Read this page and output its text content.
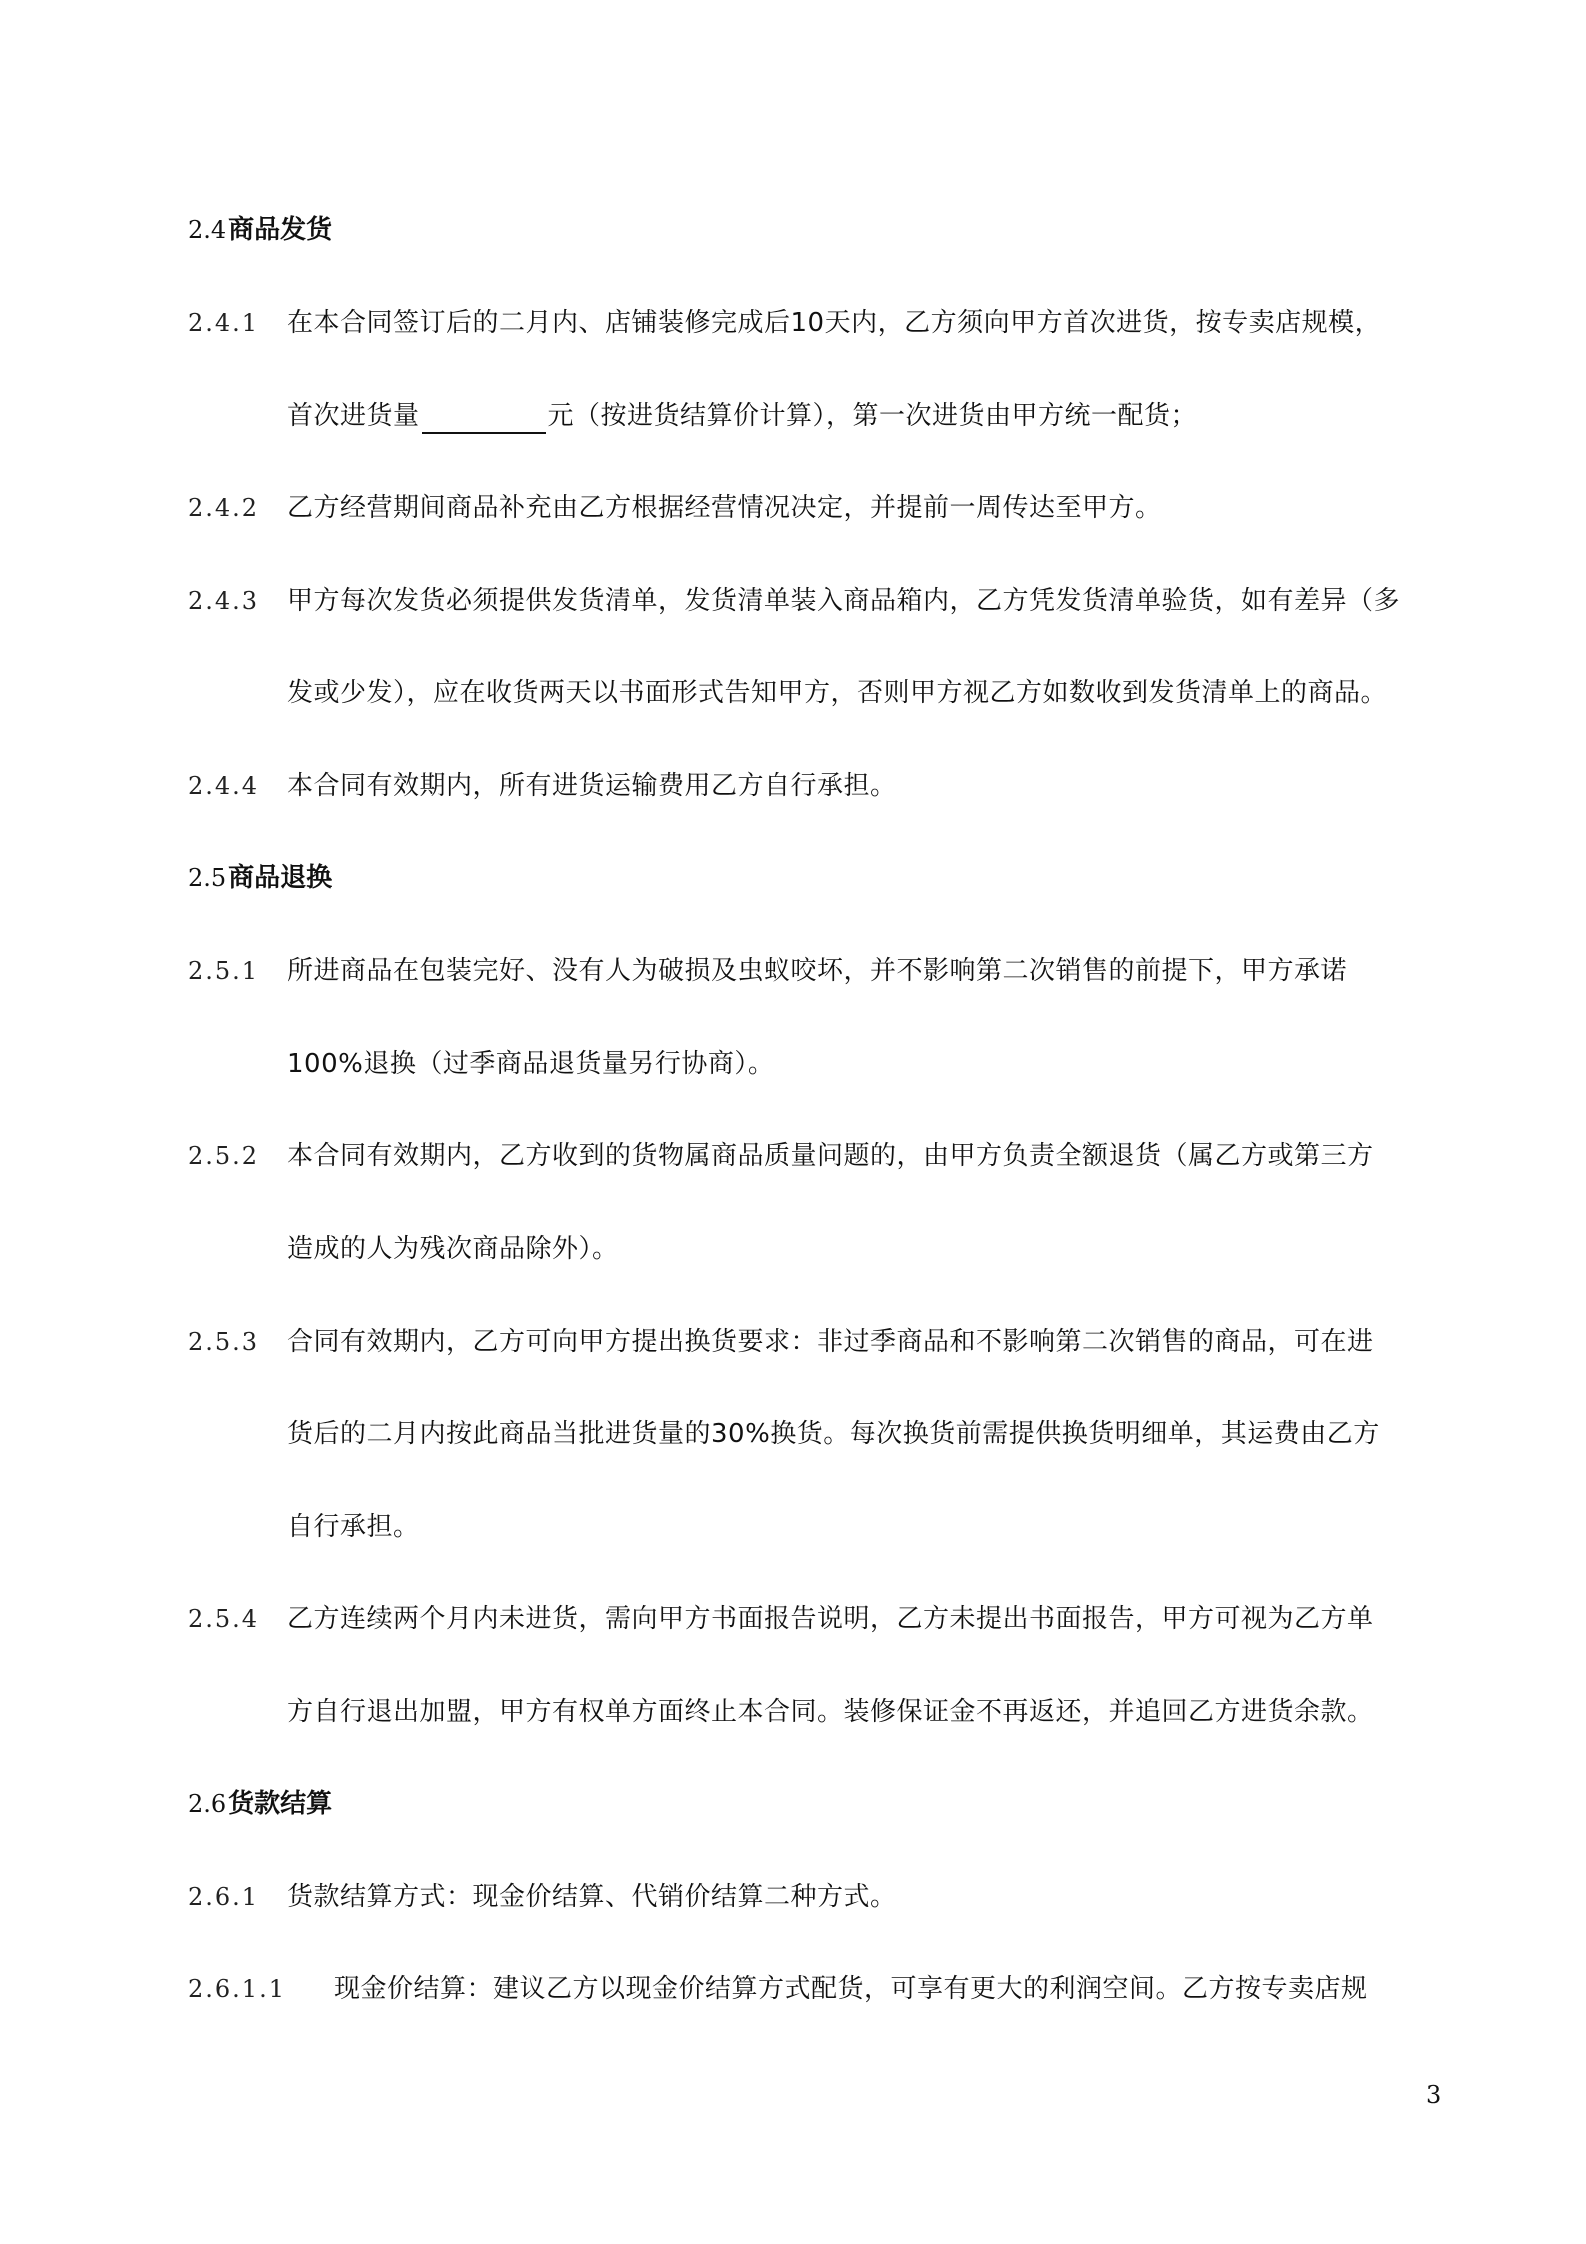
2.4商品发货
2.4.1 在本合同签订后的二月内、店铺装修完成后10天内，乙方须向甲方首次进货，按专卖店规模，
首次进货量	元（按进货结算价计算），第一次进货由甲方统一配货；
2.4.2 乙方经营期间商品补充由乙方根据经营情况决定，并提前一周传达至甲方。
2.4.3 甲方每次发货必须提供发货清单，发货清单装入商品箱内，乙方凭发货清单验货，如有差异（多
发或少发），应在收货两天以书面形式告知甲方，否则甲方视乙方如数收到发货清单上的商品。
2.4.4 本合同有效期内，所有进货运输费用乙方自行承担。
2.5商品退换
2.5.1 所进商品在包装完好、没有人为破损及虫蚁咬坏，并不影响第二次销售的前提下，甲方承诺
100%退换（过季商品退货量另行协商）。
2.5.2 本合同有效期内，乙方收到的货物属商品质量问题的，由甲方负责全额退货（属乙方或第三方
造成的人为残次商品除外）。
2.5.3 合同有效期内，乙方可向甲方提出换货要求：非过季商品和不影响第二次销售的商品，可在进
货后的二月内按此商品当批进货量的30%换货。每次换货前需提供换货明细单，其运费由乙方
自行承担。
2.5.4 乙方连续两个月内未进货，需向甲方书面报告说明，乙方未提出书面报告，甲方可视为乙方单
方自行退出加盟，甲方有权单方面终止本合同。装修保证金不再返还，并追回乙方进货余款。
2.6货款结算
2.6.1 货款结算方式：现金价结算、代销价结算二种方式。
2.6.1.1 现金价结算：建议乙方以现金价结算方式配货，可享有更大的利润空间。乙方按专卖店规
3
